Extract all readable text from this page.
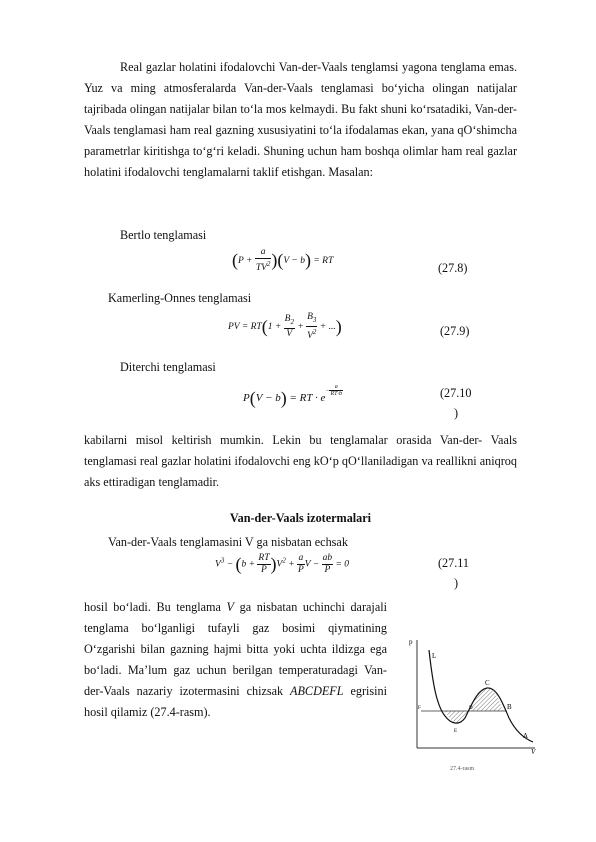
Real gazlar holatini ifodalovchi Van-der-Vaals tenglamsi yagona tenglama emas. Yuz va ming atmosferalarda Van-der-Vaals tenglamasi boʻyicha olingan natijalar tajribada olingan natijalar bilan toʻla mos kelmaydi. Bu fakt shuni koʻrsatadiki, Van-der-Vaals tenglamasi ham real gazning xususiyatini toʻla ifodalamas ekan, yana qOʻshimcha parametrlar kiritishga toʻgʻri keladi. Shuning uchun ham boshqa olimlar ham real gazlar holatini ifodalovchi tenglamalarni taklif etishgan. Masalan:

Bertlo tenglamasi
$(P + \frac{a}{TV^2} )(V - b)$ = RT
(27.8)
Kamerling-Onnes tenglamasi
PV = $RT(1 + \frac{B_2}{V} + \frac{B_3}{V^2}$ + ...)	(27.9)
Diterchi tenglamasi
P(V − b) = RT · $e^{- \frac{a}{RT\cdot b}}$	(27.10
)

kabilarni misol keltirish mumkin. Lekin bu tenglamalar orasida Van-der- Vaals tenglamasi real gazlar holatini ifodalovchi eng kOʻp qOʻllaniladigan va reallikni aniqroq aks ettiradigan tenglamadir.

Van-der-Vaals izotermalari
Van-der-Vaals tenglamasini V ga nisbatan echsak
$V^3 - (b + \frac{RT}{P} )V^2 + \frac{a}{P}$ $V - \frac{ab}{P} = 0$	(27.11
)
hosil boʻladi. Bu tenglama V ga nisbatan uchinchi darajali tenglama boʻlganligi tufayli gaz bosimi qiymatining Oʻzgarishi bilan gazning hajmi bitta yoki uchta ildizga ega boʻladi. Maʼlum gaz uchun berilgan temperaturadagi Van-der-Vaals nazariy izotermasini chizsak ABCDEFL egrisini hosil qilamiz (27.4-rasm).
p
V
L
C
B
A
D
E
F
27.4-rasm
